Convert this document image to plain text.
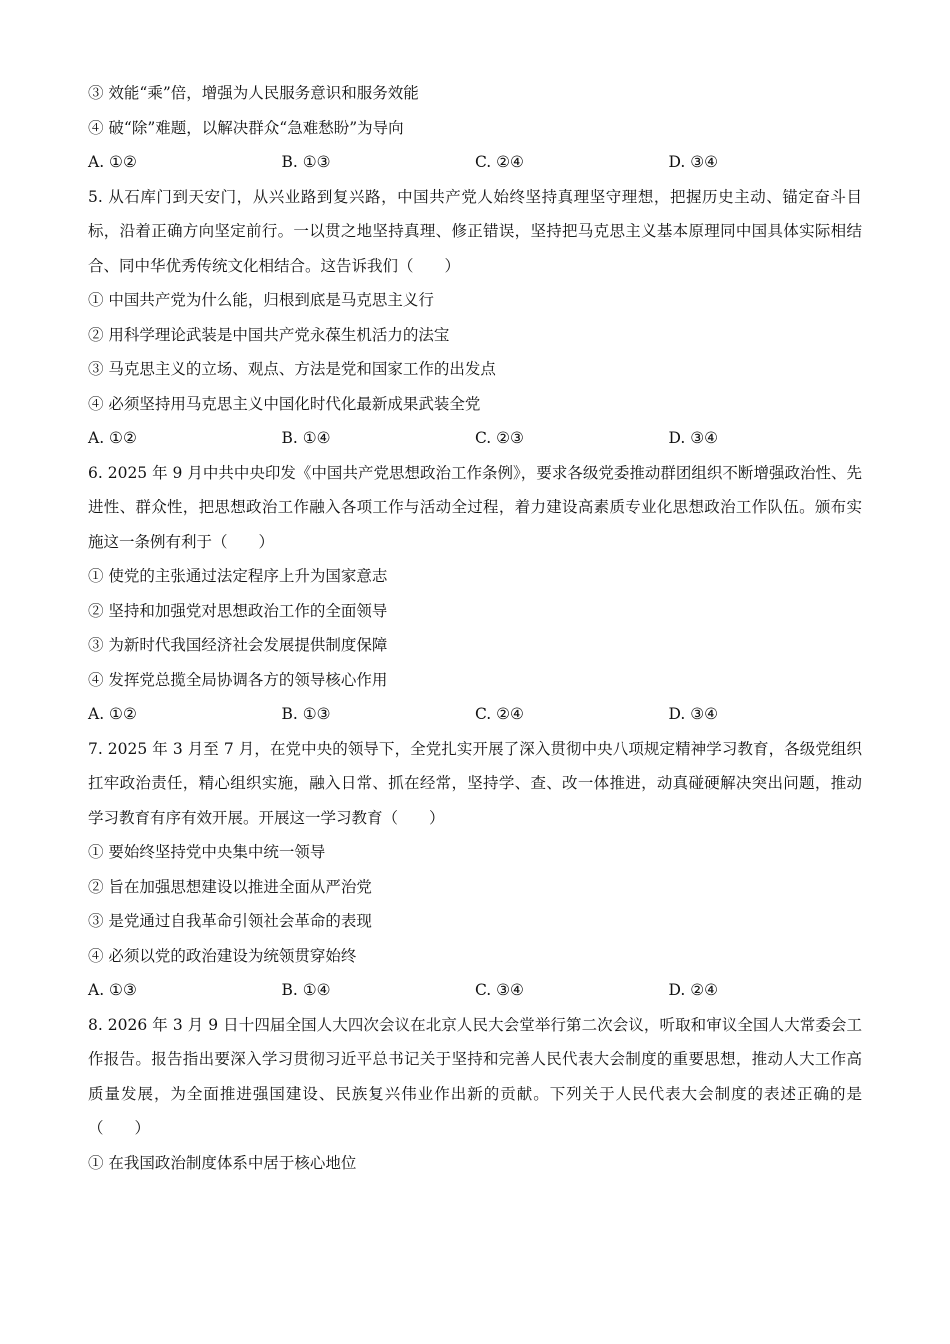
③ 效能“乘”倍，增强为人民服务意识和服务效能
④ 破“除”难题，以解决群众“急难愁盼”为导向
A. ①②	B. ①③	C. ②④	D. ③④
5. 从石库门到天安门，从兴业路到复兴路，中国共产党人始终坚持真理坚守理想，把握历史主动、锚定奋斗目标，沿着正确方向坚定前行。一以贯之地坚持真理、修正错误，坚持把马克思主义基本原理同中国具体实际相结合、同中华优秀传统文化相结合。这告诉我们（　　）
① 中国共产党为什么能，归根到底是马克思主义行
② 用科学理论武装是中国共产党永葆生机活力的法宝
③ 马克思主义的立场、观点、方法是党和国家工作的出发点
④ 必须坚持用马克思主义中国化时代化最新成果武装全党
A. ①②	B. ①④	C. ②③	D. ③④
6. 2025 年 9 月中共中央印发《中国共产党思想政治工作条例》，要求各级党委推动群团组织不断增强政治性、先进性、群众性，把思想政治工作融入各项工作与活动全过程，着力建设高素质专业化思想政治工作队伍。颁布实施这一条例有利于（　　）
① 使党的主张通过法定程序上升为国家意志
② 坚持和加强党对思想政治工作的全面领导
③ 为新时代我国经济社会发展提供制度保障
④ 发挥党总揽全局协调各方的领导核心作用
A. ①②	B. ①③	C. ②④	D. ③④
7. 2025 年 3 月至 7 月，在党中央的领导下，全党扎实开展了深入贯彻中央八项规定精神学习教育，各级党组织扛牢政治责任，精心组织实施，融入日常、抓在经常，坚持学、查、改一体推进，动真碰硬解决突出问题，推动学习教育有序有效开展。开展这一学习教育（　　）
① 要始终坚持党中央集中统一领导
② 旨在加强思想建设以推进全面从严治党
③ 是党通过自我革命引领社会革命的表现
④ 必须以党的政治建设为统领贯穿始终
A. ①③	B. ①④	C. ③④	D. ②④
8. 2026 年 3 月 9 日十四届全国人大四次会议在北京人民大会堂举行第二次会议，听取和审议全国人大常委会工作报告。报告指出要深入学习贯彻习近平总书记关于坚持和完善人民代表大会制度的重要思想，推动人大工作高质量发展，为全面推进强国建设、民族复兴伟业作出新的贡献。下列关于人民代表大会制度的表述正确的是（　　）
① 在我国政治制度体系中居于核心地位
